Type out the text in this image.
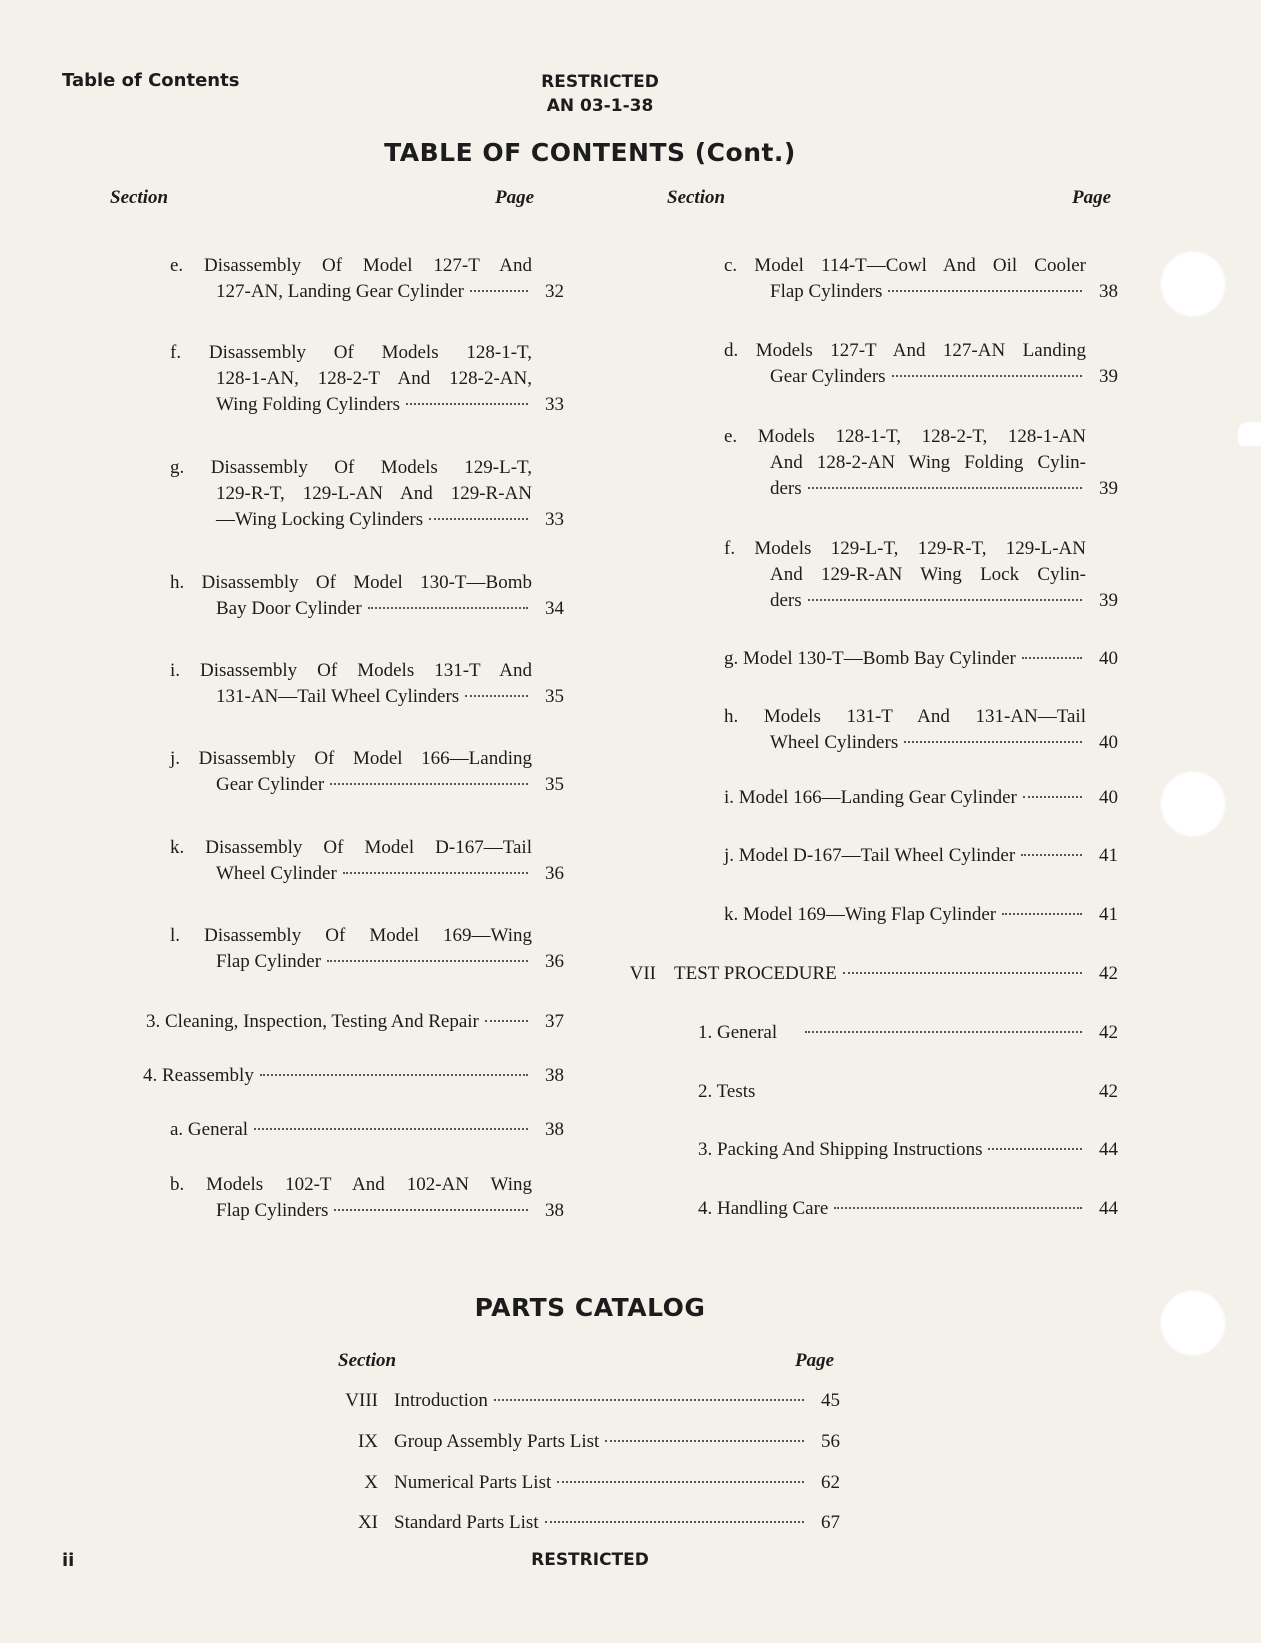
Table of Contents	RESTRICTED
AN 03-1-38
TABLE OF CONTENTS (Cont.)
Section	Page	Section	Page
e. Disassembly Of Model 127-T And
127-AN, Landing Gear Cylinder	32
f. Disassembly Of Models 128-1-T,
128-1-AN, 128-2-T And 128-2-AN,
Wing Folding Cylinders	33
g. Disassembly Of Models 129-L-T,
129-R-T, 129-L-AN And 129-R-AN
—Wing Locking Cylinders	33
h. Disassembly Of Model 130-T—Bomb
Bay Door Cylinder	34
i. Disassembly Of Models 131-T And
131-AN—Tail Wheel Cylinders	35
j. Disassembly Of Model 166—Landing
Gear Cylinder	35
k. Disassembly Of Model D-167—Tail
Wheel Cylinder	36
l. Disassembly Of Model 169—Wing
Flap Cylinder	36
3. Cleaning, Inspection, Testing And Repair	37
4. Reassembly	38
a. General	38
b. Models 102-T And 102-AN Wing
Flap Cylinders	38
c. Model 114-T—Cowl And Oil Cooler
Flap Cylinders	38
d. Models 127-T And 127-AN Landing
Gear Cylinders	39
e. Models 128-1-T, 128-2-T, 128-1-AN
And 128-2-AN Wing Folding Cylin-
ders	39
f. Models 129-L-T, 129-R-T, 129-L-AN
And 129-R-AN Wing Lock Cylin-
ders	39
g. Model 130-T—Bomb Bay Cylinder	40
h. Models 131-T And 131-AN—Tail
Wheel Cylinders	40
i. Model 166—Landing Gear Cylinder	40
j. Model D-167—Tail Wheel Cylinder	41
k. Model 169—Wing Flap Cylinder	41
VII TEST PROCEDURE	42
1. General	42
2. Tests	42
3. Packing And Shipping Instructions	44
4. Handling Care	44
PARTS CATALOG
Section	Page
VIII Introduction	45
IX Group Assembly Parts List	56
X Numerical Parts List	62
XI Standard Parts List	67
ii	RESTRICTED
